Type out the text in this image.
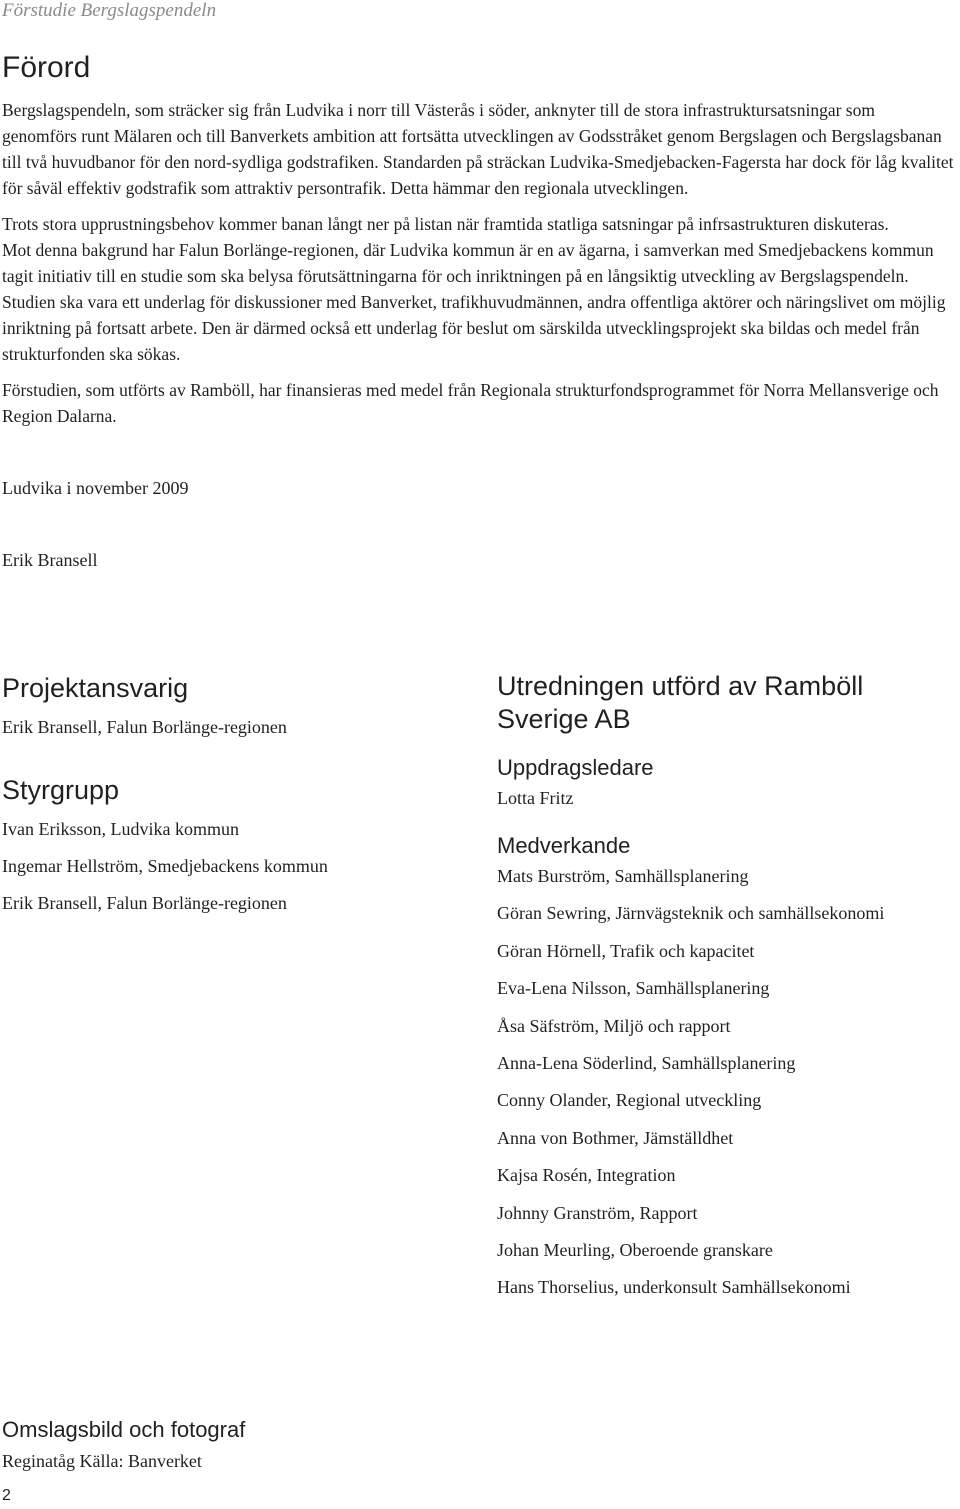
Förstudie Bergslagspendeln
Förord

Bergslagspendeln, som sträcker sig från Ludvika i norr till Västerås i söder, anknyter till de stora infrastruktursatsningar som genomförs runt Mälaren och till Banverkets ambition att fortsätta utvecklingen av Godsstråket genom Bergslagen och Bergslagsbanan till två huvudbanor för den nord-sydliga godstrafiken. Standarden på sträckan Ludvika-Smedjebacken-Fagersta har dock för låg kvalitet för såväl effektiv godstrafik som attraktiv persontrafik. Detta hämmar den regionala utvecklingen.

Trots stora upprustningsbehov kommer banan långt ner på listan när framtida statliga satsningar på infrsastrukturen diskuteras.

Mot denna bakgrund har Falun Borlänge-regionen, där Ludvika kommun är en av ägarna, i samverkan med Smedjebackens kommun tagit initiativ till en studie som ska belysa förutsättningarna för och inriktningen på en långsiktig utveckling av Bergslagspendeln. Studien ska vara ett underlag för diskussioner med Banverket, trafikhuvudmännen, andra offentliga aktörer och näringslivet om möjlig inriktning på fortsatt arbete. Den är därmed också ett underlag för beslut om särskilda utvecklingsprojekt ska bildas och medel från strukturfonden ska sökas.

Förstudien, som utförts av Ramböll, har finansieras med medel från Regionala strukturfondsprogrammet för Norra Mellansverige och Region Dalarna.

Ludvika i november 2009
Erik Bransell
Projektansvarig
Erik Bransell, Falun Borlänge-regionen
Styrgrupp
Ivan Eriksson, Ludvika kommun
Ingemar Hellström, Smedjebackens kommun
Erik Bransell, Falun Borlänge-regionen
Utredningen utförd av Ramböll
Sverige AB
Uppdragsledare
Lotta Fritz
Medverkande
Mats Burström, Samhällsplanering
Göran Sewring, Järnvägsteknik och samhällsekonomi
Göran Hörnell, Trafik och kapacitet
Eva-Lena Nilsson, Samhällsplanering
Åsa Säfström, Miljö och rapport
Anna-Lena Söderlind, Samhällsplanering
Conny Olander, Regional utveckling
Anna von Bothmer, Jämställdhet
Kajsa Rosén, Integration
Johnny Granström, Rapport
Johan Meurling, Oberoende granskare
Hans Thorselius, underkonsult Samhällsekonomi
Omslagsbild och fotograf
Reginatåg Källa: Banverket
2
